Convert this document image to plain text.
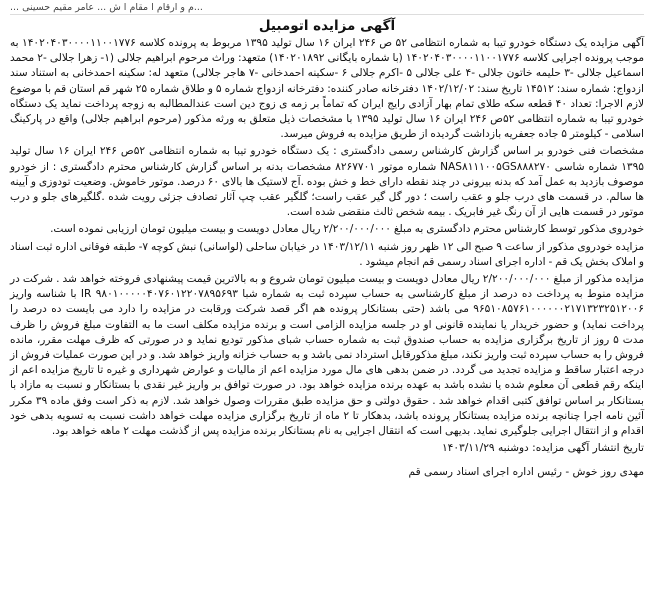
...م و ارقام ا مقام ا ش ... عامر مقیم حسینی ...
آگهی مزایده اتومبیل

آگهی مزایده یک دستگاه خودرو تیبا به شماره انتظامی ۵۲ ص ۲۴۶ ایران ۱۶ سال تولید ۱۳۹۵ مربوط به پرونده کلاسه ۱۴۰۲۰۴۰۳۰۰۰۰۱۱۰۰۱۷۷۶ به موجب پرونده اجرایی کلاسه ۱۴۰۲۰۴۰۳۰۰۰۰۱۱۰۰۱۷۷۶ (با شماره بایگانی ۱۴۰۲۰۱۸۹۲) متعهد: وراث مرحوم ابراهیم جلالی (۱- زهرا جلالی -۲ محمد اسماعیل جلالی -۳ حلیمه خاتون جلالی -۴ علی جلالی ۵ -اکرم جلالی ۶ -سکینه احمدخانی -۷ هاجر جلالی) متعهد له: سکینه احمدخانی به استناد سند ازدواج: شماره سند: ۱۴۵۱۲ تاریخ سند: ۱۴۰۲/۱۲/۰۲ دفترخانه صادر کننده: دفترخانه ازدواج شماره ۵ و طلاق شماره ۲۵ شهر قم استان قم با موضوع لازم الاجرا: تعداد ۴۰ قطعه سکه طلای تمام بهار آزادی رایج ایران که تماماً بر زمه ی زوج دین است عندالمطالبه به زوجه پرداخت نماید یک دستگاه خودرو تیبا به شماره انتظامی ۵۲ص ۲۴۶ ایران ۱۶ سال تولید ۱۳۹۵ با مشخصات ذیل متعلق به ورثه مذکور (مرحوم ابراهیم جلالی) واقع در پارکینگ اسلامی - کیلومتر ۵ جاده جعفریه بازداشت گردیده از طریق مزایده به فروش میرسد.

مشخصات فنی خودرو بر اساس گزارش کارشناس رسمی دادگستری : یک دستگاه خودرو تیبا به شماره انتظامی ۵۲ص ۲۴۶ ایران ۱۶ سال تولید ۱۳۹۵ شماره شاسی NAS۸۱۱۱۰۰۵GS۸۸۸۲۷۰ شماره موتور ۸۲۶۷۷۰۱ مشخصات بدنه بر اساس گزارش کارشناس محترم دادگستری : از خودرو موصوف بازدید به عمل آمد که بدنه بیرونی در چند نقطه دارای خط و خش بوده .آج لاستیک ها بالای ۶۰ درصد. موتور خاموش. وضعیت تودوزی و آیینه ها سالم. در قسمت های درب جلو و عقب راست ؛ دور گل گیر عقب راست؛ گلگیر عقب چپ آثار تصادف جزئی رویت شده .گلگیرهای جلو و درب موتور در قسمت هایی از آن رنگ غیر فابریک . بیمه شخص ثالث منقضی شده است.

خودروی مذکور توسط کارشناس محترم دادگستری به مبلغ ۲/۲۰۰/۰۰۰/۰۰۰ ریال معادل دویست و بیست میلیون تومان ارزیابی نموده است.

مزایده خودروی مذکور از ساعت ۹ صبح الی ۱۲ ظهر روز شنبه ۱۴۰۳/۱۲/۱۱ در خیابان ساحلی (لواسانی) نبش کوچه ۷- طبقه فوقانی اداره ثبت اسناد و املاک بخش یک قم - اداره اجرای اسناد رسمی قم انجام میشود .

مزایده مذکور از مبلغ ۲/۲۰۰/۰۰۰/۰۰۰ ریال معادل دویست و بیست میلیون تومان شروع و به بالاترین قیمت پیشنهادی فروخته خواهد شد . شرکت در مزایده منوط به پرداخت ده درصد از مبلغ کارشناسی به حساب سپرده ثبت به شماره شبا IR ۹۸۰۱۰۰۰۰۰۴۰۷۶۰۱۲۲۰۷۸۹۵۶۹۳ با شناسه واریز ۹۶۵۱۰۸۵۷۶۱۰۰۰۰۰۰۲۱۷۱۳۲۳۲۵۱۲۰۰۶ می باشد (حتی بستانکار پرونده هم اگر قصد شرکت ورقابت در مزایده را دارد می بایست ده درصد را پرداخت نماید) و حضور خریدار یا نماینده قانونی او در جلسه مزایده الزامی است و برنده مزایده مکلف است ما به التفاوت مبلغ فروش را ظرف مدت ۵ روز از تاریخ برگزاری مزایده به حساب صندوق ثبت به شماره حساب شبای مذکور تودیع نماید و در صورتی که ظرف مهلت مقرر، مانده فروش را به حساب سپرده ثبت واریز نکند، مبلغ مذکورقابل استرداد نمی باشد و به حساب خزانه واریز خواهد شد. و در این صورت عملیات فروش از درجه اعتبار ساقط و مزایده تجدید می گردد. در ضمن بدهی های مال مورد مزایده اعم از مالیات و عوارض شهرداری و غیره تا تاریخ مزایده اعم از اینکه رقم قطعی آن معلوم شده یا نشده باشد به عهده برنده مزایده خواهد بود. در صورت توافق بر واریز غیر نقدی با بستانکار و نسبت به مازاد با بستانکار بر اساس توافق کتبی اقدام خواهد شد . حقوق دولتی و حق مزایده طبق مقررات وصول خواهد شد. لازم به ذکر است وفق ماده ۳۹ مکرر آئین نامه اجرا چنانچه برنده مزایده بستانکار پرونده باشد، بدهکار تا ۲ ماه از تاریخ برگزاری مزایده مهلت خواهد داشت نسبت به تسویه بدهی خود اقدام و از انتقال اجرایی جلوگیری نماید. بدیهی است که انتقال اجرایی به نام بستانکار برنده مزایده پس از گذشت مهلت ۲ ماهه خواهد بود.

تاریخ انتشار آگهی مزایده: دوشنبه ۱۴۰۳/۱۱/۲۹

مهدی روز خوش - رئیس اداره اجرای اسناد رسمی قم
